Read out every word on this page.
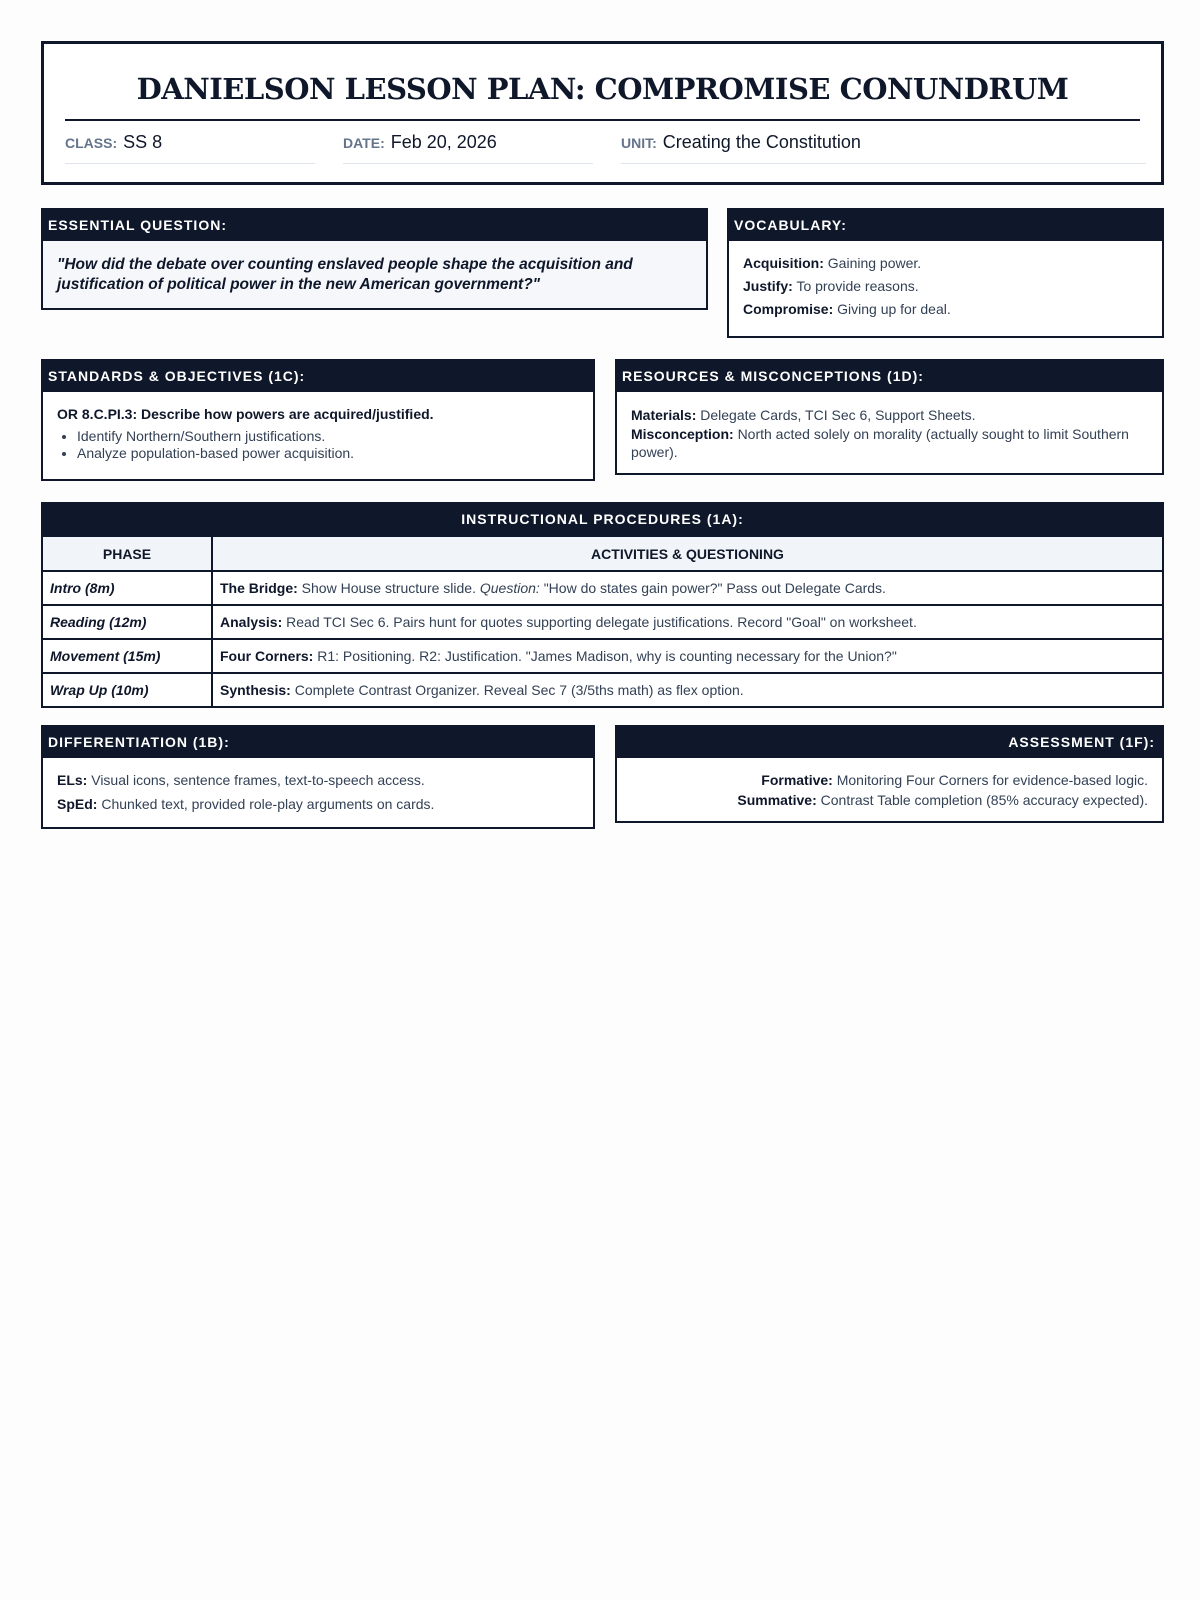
DANIELSON LESSON PLAN: COMPROMISE CONUNDRUM
CLASS: SS 8	DATE: Feb 20, 2026	UNIT: Creating the Constitution
ESSENTIAL QUESTION:
"How did the debate over counting enslaved people shape the acquisition and justification of political power in the new American government?"
VOCABULARY:

Acquisition: Gaining power.

Justify: To provide reasons.

Compromise: Giving up for deal.

STANDARDS & OBJECTIVES (1C):
OR 8.C.PI.3: Describe how powers are acquired/justified.
• Identify Northern/Southern justifications.
• Analyze population-based power acquisition.
RESOURCES & MISCONCEPTIONS (1D):
Materials: Delegate Cards, TCI Sec 6, Support Sheets.
Misconception: North acted solely on morality (actually sought to limit Southern power).
INSTRUCTIONAL PROCEDURES (1A):
PHASE	ACTIVITIES & QUESTIONING
Intro (8m)	The Bridge: Show House structure slide. Question: "How do states gain power?" Pass out Delegate Cards.
Reading (12m)	Analysis: Read TCI Sec 6. Pairs hunt for quotes supporting delegate justifications. Record "Goal" on worksheet.
Movement (15m)	Four Corners: R1: Positioning. R2: Justification. "James Madison, why is counting necessary for the Union?"
Wrap Up (10m)	Synthesis: Complete Contrast Organizer. Reveal Sec 7 (3/5ths math) as flex option.
DIFFERENTIATION (1B):

ELs: Visual icons, sentence frames, text-to-speech access.

SpEd: Chunked text, provided role-play arguments on cards.

ASSESSMENT (1F):
Formative: Monitoring Four Corners for evidence-based logic.
Summative: Contrast Table completion (85% accuracy expected).
